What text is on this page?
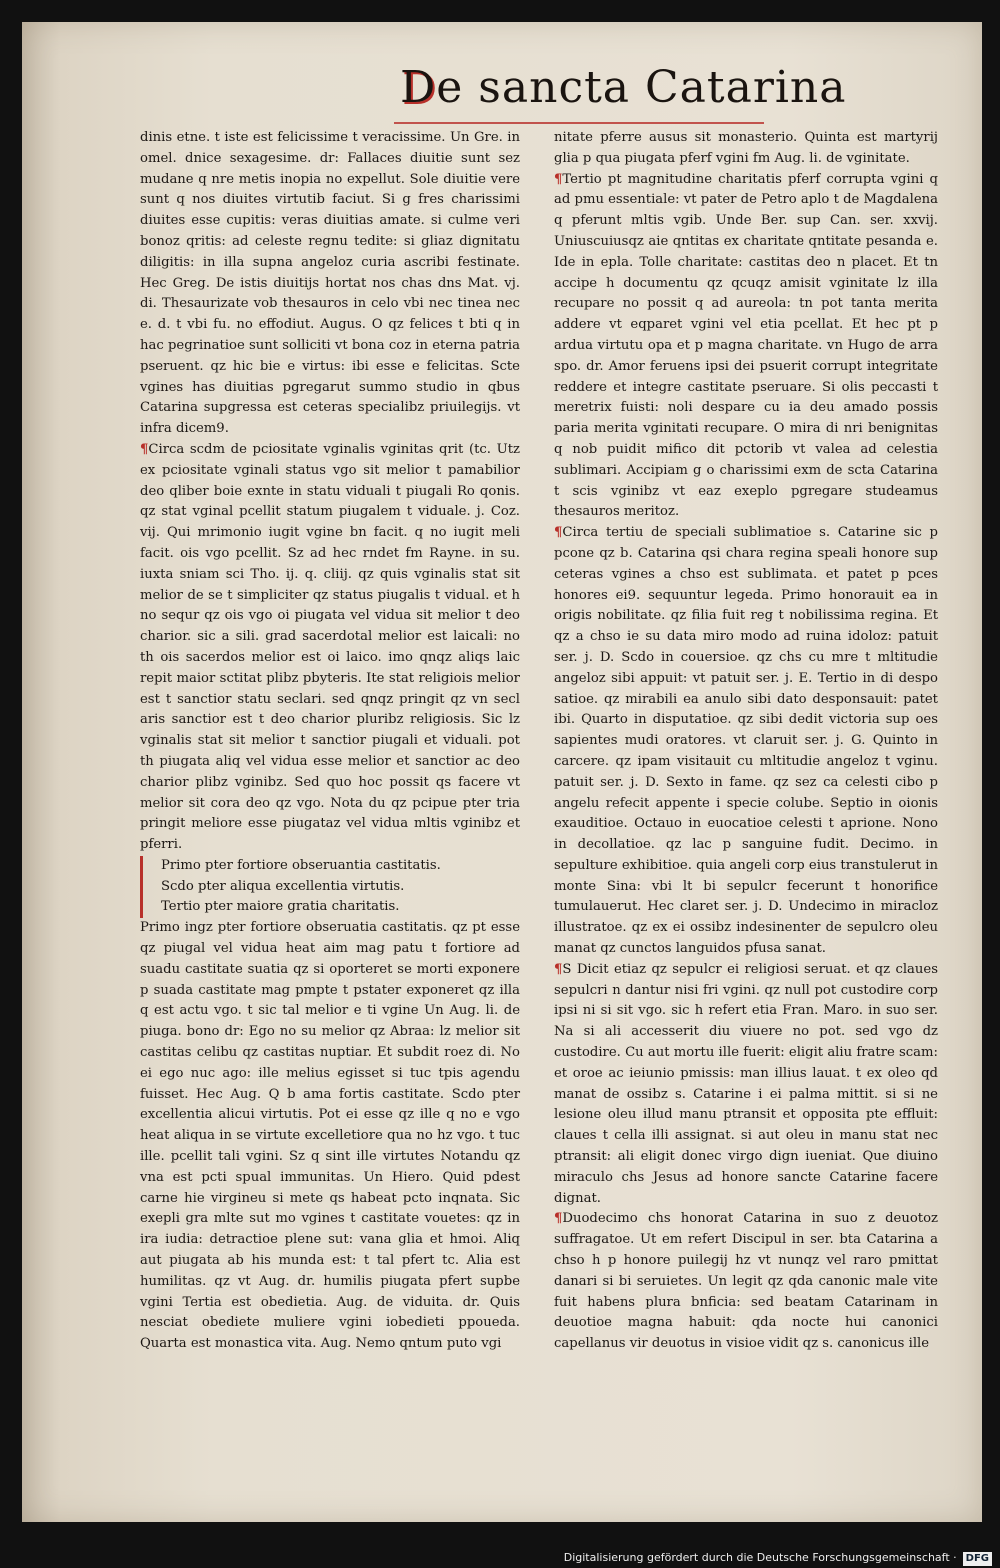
De sancta Catarina

dinis etne. t iste est felicissime t veracissime. Un Gre. in omel. dnice sexagesime. dr: Fallaces diuitie sunt sez mudane q nre metis inopia no expellut. Sole diuitie vere sunt q nos diuites virtutib faciut. Si g fres charissimi diuites esse cupitis: veras diuitias amate. si culme veri bonoz qritis: ad celeste regnu tedite: si gliaz dignitatu diligitis: in illa supna angeloz curia ascribi festinate. Hec Greg. De istis diuitijs hortat nos chas dns Mat. vj. di. Thesaurizate vob thesauros in celo vbi nec tinea nec e. d. t vbi fu. no effodiut. Augus. O qz felices t bti q in hac pegrinatioe sunt solliciti vt bona coz in eterna patria pseruent. qz hic bie e virtus: ibi esse e felicitas. Scte vgines has diuitias pgregarut summo studio in qbus Catarina supgressa est ceteras specialibz priuilegijs. vt infra dicem9.

¶Circa scdm de pciositate vginalis vginitas qrit (tc. Utz ex pciositate vginali status vgo sit melior t pamabilior deo qliber boie exnte in statu viduali t piugali Ro qonis. qz stat vginal pcellit statum piugalem t viduale. j. Coz. vij. Qui mrimonio iugit vgine bn facit. q no iugit meli facit. ois vgo pcellit. Sz ad hec rndet fm Rayne. in su. iuxta sniam sci Tho. ij. q. cliij. qz quis vginalis stat sit melior de se t simpliciter qz status piugalis t vidual. et h no sequr qz ois vgo oi piugata vel vidua sit melior t deo charior. sic a sili. grad sacerdotal melior est laicali: no th ois sacerdos melior est oi laico. imo qnqz aliqs laic repit maior sctitat plibz pbyteris. Ite stat religiois melior est t sanctior statu seclari. sed qnqz pringit qz vn secl aris sanctior est t deo charior pluribz religiosis. Sic lz vginalis stat sit melior t sanctior piugali et viduali. pot th piugata aliq vel vidua esse melior et sanctior ac deo charior plibz vginibz. Sed quo hoc possit qs facere vt melior sit cora deo qz vgo. Nota du qz pcipue pter tria pringit meliore esse piugataz vel vidua mltis vginibz et pferri.

Primo pter fortiore obseruantia castitatis.
Scdo pter aliqua excellentia virtutis.
Tertio pter maiore gratia charitatis.

Primo ingz pter fortiore obseruatia castitatis. qz pt esse qz piugal vel vidua heat aim mag patu t fortiore ad suadu castitate suatia qz si oporteret se morti exponere p suada castitate mag pmpte t pstater exponeret qz illa q est actu vgo. t sic tal melior e ti vgine Un Aug. li. de piuga. bono dr: Ego no su melior qz Abraa: lz melior sit castitas celibu qz castitas nuptiar. Et subdit roez di. No ei ego nuc ago: ille melius egisset si tuc tpis agendu fuisset. Hec Aug. Q b ama fortis castitate. Scdo pter excellentia alicui virtutis. Pot ei esse qz ille q no e vgo heat aliqua in se virtute excelletiore qua no hz vgo. t tuc ille. pcellit tali vgini. Sz q sint ille virtutes Notandu qz vna est pcti spual immunitas. Un Hiero. Quid pdest carne hie virgineu si mete qs habeat pcto inqnata. Sic exepli gra mlte sut mo vgines t castitate vouetes: qz in ira iudia: detractioe plene sut: vana glia et hmoi. Aliq aut piugata ab his munda est: t tal pfert tc. Alia est humilitas. qz vt Aug. dr. humilis piugata pfert supbe vgini Tertia est obedietia. Aug. de viduita. dr. Quis nesciat obediete muliere vgini iobedieti ppoueda. Quarta est monastica vita. Aug. Nemo qntum puto vgi

nitate pferre ausus sit monasterio. Quinta est martyrij glia p qua piugata pferf vgini fm Aug. li. de vginitate.

¶Tertio pt magnitudine charitatis pferf corrupta vgini q ad pmu essentiale: vt pater de Petro aplo t de Magdalena q pferunt mltis vgib. Unde Ber. sup Can. ser. xxvij. Uniuscuiusqz aie qntitas ex charitate qntitate pesanda e. Ide in epla. Tolle charitate: castitas deo n placet. Et tn accipe h documentu qz qcuqz amisit vginitate lz illa recupare no possit q ad aureola: tn pot tanta merita addere vt eqparet vgini vel etia pcellat. Et hec pt p ardua virtutu opa et p magna charitate. vn Hugo de arra spo. dr. Amor feruens ipsi dei psuerit corrupt integritate reddere et integre castitate pseruare. Si olis peccasti t meretrix fuisti: noli despare cu ia deu amado possis paria merita vginitati recupare. O mira di nri benignitas q nob puidit mifico dit pctorib vt valea ad celestia sublimari. Accipiam g o charissimi exm de scta Catarina t scis vginibz vt eaz exeplo pgregare studeamus thesauros meritoz.

¶Circa tertiu de speciali sublimatioe s. Catarine sic p pcone qz b. Catarina qsi chara regina speali honore sup ceteras vgines a chso est sublimata. et patet p pces honores ei9. sequuntur legeda. Primo honorauit ea in origis nobilitate. qz filia fuit reg t nobilissima regina. Et qz a chso ie su data miro modo ad ruina idoloz: patuit ser. j. D. Scdo in couersioe. qz chs cu mre t mltitudie angeloz sibi appuit: vt patuit ser. j. E. Tertio in di despo satioe. qz mirabili ea anulo sibi dato desponsauit: patet ibi. Quarto in disputatioe. qz sibi dedit victoria sup oes sapientes mudi oratores. vt claruit ser. j. G. Quinto in carcere. qz ipam visitauit cu mltitudie angeloz t vginu. patuit ser. j. D. Sexto in fame. qz sez ca celesti cibo p angelu refecit appente i specie colube. Septio in oionis exauditioe. Octauo in euocatioe celesti t aprione. Nono in decollatioe. qz lac p sanguine fudit. Decimo. in sepulture exhibitioe. quia angeli corp eius transtulerut in monte Sina: vbi lt bi sepulcr fecerunt t honorifice tumulauerut. Hec claret ser. j. D. Undecimo in miracloz illustratoe. qz ex ei ossibz indesinenter de sepulcro oleu manat qz cunctos languidos pfusa sanat.

¶S Dicit etiaz qz sepulcr ei religiosi seruat. et qz claues sepulcri n dantur nisi fri vgini. qz null pot custodire corp ipsi ni si sit vgo. sic h refert etia Fran. Maro. in suo ser. Na si ali accesserit diu viuere no pot. sed vgo dz custodire. Cu aut mortu ille fuerit: eligit aliu fratre scam: et oroe ac ieiunio pmissis: man illius lauat. t ex oleo qd manat de ossibz s. Catarine i ei palma mittit. si si ne lesione oleu illud manu ptransit et opposita pte effluit: claues t cella illi assignat. si aut oleu in manu stat nec ptransit: ali eligit donec virgo dign iueniat. Que diuino miraculo chs Jesus ad honore sancte Catarine facere dignat.

¶Duodecimo chs honorat Catarina in suo z deuotoz suffragatoe. Ut em refert Discipul in ser. bta Catarina a chso h p honore puilegij hz vt nunqz vel raro pmittat danari si bi seruietes. Un legit qz qda canonic male vite fuit habens plura bnficia: sed beatam Catarinam in deuotioe magna habuit: qda nocte hui canonici capellanus vir deuotus in visioe vidit qz s. canonicus ille

Digitalisierung gefördert durch die Deutsche Forschungsgemeinschaft · DFG
